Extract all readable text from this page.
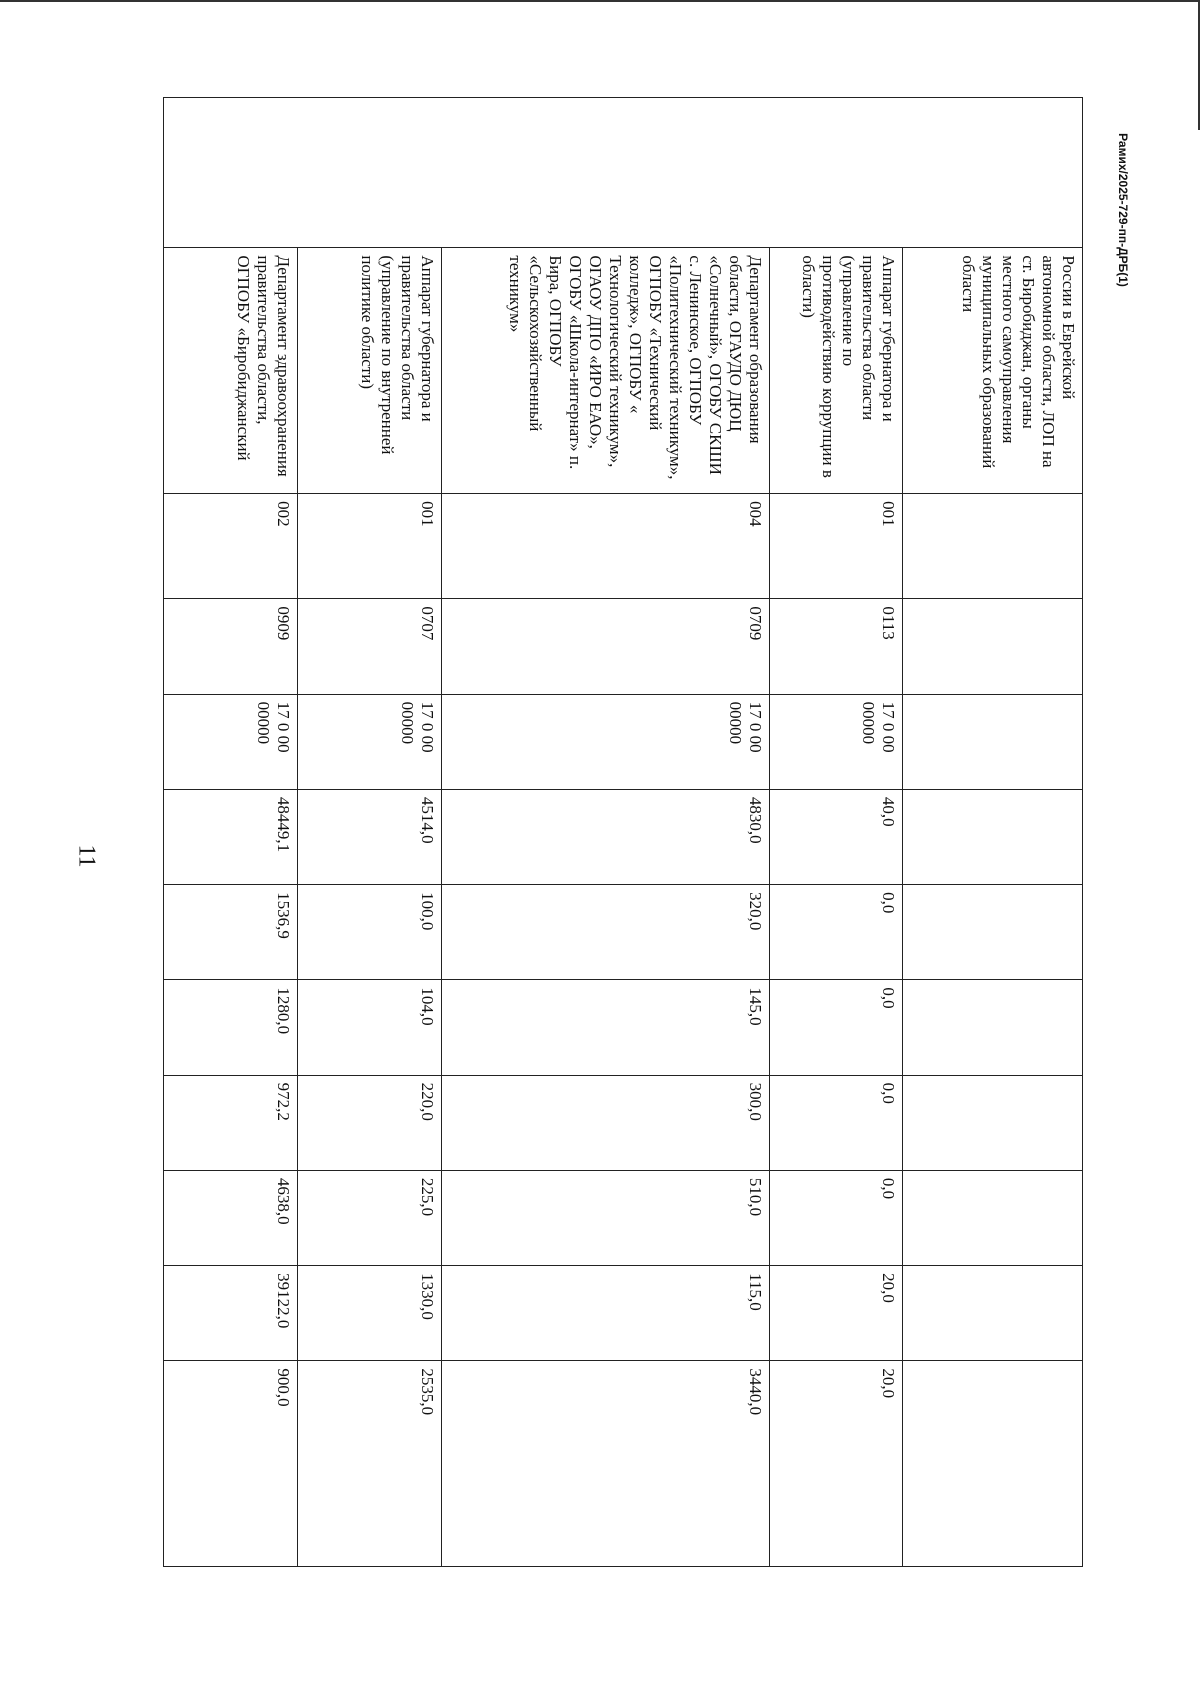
11
Рамих/2025-729-пп-ДРБ(1)
	России в Еврейской автономной области, ЛОП на ст. Биробиджан, органы местного самоуправления муниципальных образований области										
	Аппарат губернатора и правительства области (управление по противодействию коррупции в области)	001	0113	17 0 00 00000	40,0	0,0	0,0	0,0	0,0	20,0	20,0
	Департамент образования области, ОГАУДО ДЮЦ «Солнечный», ОГОБУ СКШИ с. Ленинское, ОГПОБУ «Политехнический техникум», ОГПОБУ «Технический колледж», ОГПОБУ « Технологический техникум», ОГАОУ ДПО «ИРО ЕАО», ОГОБУ «Школа-интернат» п. Бира, ОГПОБУ «Сельскохозяйственный техникум»	004	0709	17 0 00 00000	4830,0	320,0	145,0	300,0	510,0	115,0	3440,0
	Аппарат губернатора и правительства области (управление по внутренней политике области)	001	0707	17 0 00 00000	4514,0	100,0	104,0	220,0	225,0	1330,0	2535,0
	Департамент здравоохранения правительства области, ОГПОБУ «Биробиджанский	002	0909	17 0 00 00000	48449,1	1536,9	1280,0	972,2	4638,0	39122,0	900,0
